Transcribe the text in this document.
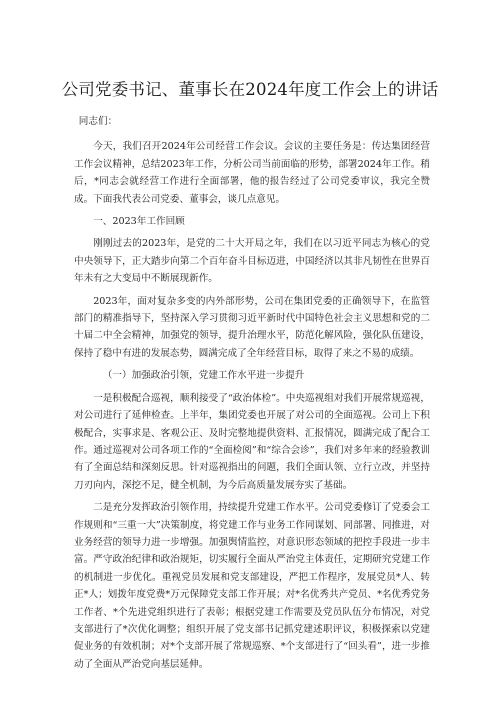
公司党委书记、董事长在2024年度工作会上的讲话

同志们：

今天，我们召开2024年公司经营工作会议。会议的主要任务是：传达集团经营工作会议精神，总结2023年工作，分析公司当前面临的形势，部署2024年工作。稍后，*同志会就经营工作进行全面部署，他的报告经过了公司党委审议，我完全赞成。下面我代表公司党委、董事会，谈几点意见。

一、2023年工作回顾

刚刚过去的2023年，是党的二十大开局之年，我们在以习近平同志为核心的党中央领导下，正大踏步向第二个百年奋斗目标迈进，中国经济以其非凡韧性在世界百年未有之大变局中不断展现新作。

2023年，面对复杂多变的内外部形势，公司在集团党委的正确领导下，在监管部门的精准指导下，坚持深入学习贯彻习近平新时代中国特色社会主义思想和党的二十届二中全会精神，加强党的领导，提升治理水平，防范化解风险，强化队伍建设，保持了稳中有进的发展态势，圆满完成了全年经营目标，取得了来之不易的成绩。

（一）加强政治引领，党建工作水平进一步提升

一是积极配合巡视，顺利接受了“政治体检”。中央巡视组对我们开展常规巡视，对公司进行了延伸检查。上半年，集团党委也开展了对公司的全面巡视。公司上下积极配合，实事求是、客观公正、及时完整地提供资料、汇报情况，圆满完成了配合工作。通过巡视对公司各项工作的“全面检阅”和“综合会诊”，我们对多年来的经验教训有了全面总结和深刻反思。针对巡视指出的问题，我们全面认领、立行立改，并坚持刀刃向内，深挖不足，健全机制，为今后高质量发展夯实了基础。

二是充分发挥政治引领作用，持续提升党建工作水平。公司党委修订了党委会工作规则和“三重一大”决策制度，将党建工作与业务工作同谋划、同部署、同推进，对业务经营的领导力进一步增强。加强舆情监控，对意识形态领域的把控手段进一步丰富。严守政治纪律和政治规矩，切实履行全面从严治党主体责任，定期研究党建工作的机制进一步优化。重视党员发展和党支部建设，严把工作程序，发展党员*人、转正*人；划拨年度党费*万元保障党支部工作开展；对*名优秀共产党员、*名优秀党务工作者、*个先进党组织进行了表彰；根据党建工作需要及党员队伍分布情况，对党支部进行了*次优化调整；组织开展了党支部书记抓党建述职评议，积极探索以党建促业务的有效机制；对*个支部开展了常规巡察、*个支部进行了“回头看”，进一步推动了全面从严治党向基层延伸。
